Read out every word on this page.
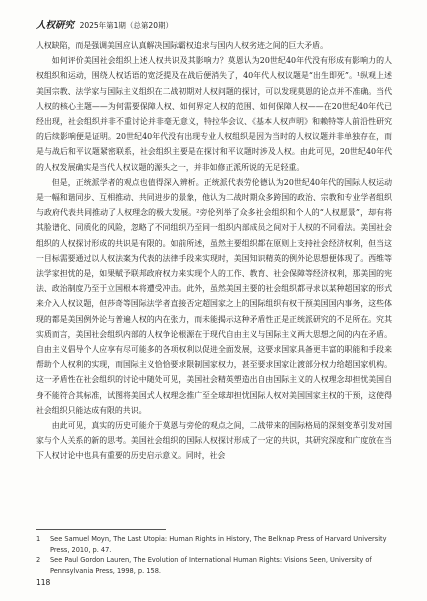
人权研究 2025年第1期（总第20期）

人权缺陷，而是强调美国应认真解决国际霸权追求与国内人权劣迹之间的巨大矛盾。

如何评价美国社会组织上述人权共识及其影响力？莫恩认为20世纪40年代没有形成有影响力的人权组织和运动，围绕人权话语的宽泛提及在战后便消失了，40年代人权议题是“出生即死”。¹纵观上述美国宗教、法学家与国际主义组织在二战初期对人权问题的探讨，可以发现莫恩的论点并不准确。当代人权的核心主题——为何需要保障人权、如何界定人权的范围、如何保障人权——在20世纪40年代已经出现，社会组织并非不重讨论并非毫无意义，特拉华会议、《基本人权声明》和赖特等人前沿性研究的后续影响便是证明。20世纪40年代没有出现专业人权组织是因为当时的人权议题并非单独存在，而是与战后和平议题紧密联系，社会组织主要是在探讨和平议题时涉及人权。由此可见，20世纪40年代的人权发展确实是当代人权议题的源头之一，并非如修正派所说的无足轻重。

但是，正统派学者的观点也值得深入辨析。正统派代表劳伦德认为20世纪40年代的国际人权运动是一幅和谐同步、互相推动、共同进步的景象，他认为二战时期众多跨国的政治、宗教和专业学者组织与政府代表共同推动了人权理念的极大发展。²旁伦列举了众多社会组织和个人的“人权愿景”，却有将其脸谱化、同质化的风险，忽略了不同组织乃至同一组织内部成员之间对于人权的不同看法。美国社会组织的人权探讨形成的共识是有限的。如前所述，虽然主要组织都在原则上支持社会经济权利，但当这一目标需要通过以人权法案为代表的法律手段来实现时，美国知识精英的例外论思想便体现了。西维等法学家担忧的是，如果赋予联邦政府权力来实现个人的工作、教育、社会保障等经济权利，那美国的宪法、政治制度乃至于立国根本将遭受冲击。此外，虽然美国主要的社会组织都寻求以某种超国家的形式来介入人权议题，但莎奇等国际法学者直接否定超国家之上的国际组织有权干预美国国内事务，这些体现的都是美国例外论与普遍人权的内在张力，而未能揭示这种矛盾性正是正统派研究的不足所在。究其实质而言，美国社会组织内部的人权争论根源在于现代自由主义与国际主义两大思想之间的内在矛盾。自由主义倡导个人应享有尽可能多的各项权利以促进全面发展，这要求国家具备更丰富的职能和手段来帮助个人权利的实现，而国际主义恰恰要求限制国家权力，甚至要求国家让渡部分权力给超国家机构。这一矛盾性在社会组织的讨论中随处可见，美国社会精英塑造出自由国际主义的人权理念却担忧美国自身不能符合其标准，试图将美国式人权理念推广至全球却担忧国际人权对美国国家主权的干预，这使得社会组织只能达成有限的共识。

由此可见，真实的历史可能介于莫恩与旁伦的观点之间，二战带来的国际格局的深刻变革引发对国家与个人关系的新的思考。美国社会组织的国际人权探讨形成了一定的共识，其研究深度和广度放在当下人权讨论中也具有重要的历史启示意义。同时，社会

1	See Samuel Moyn, The Last Utopia: Human Rights in History, The Belknap Press of Harvard University Press, 2010, p. 47.
2	See Paul Gordon Lauren, The Evolution of International Human Rights: Visions Seen, University of Pennsylvania Press, 1998, p. 158.
118
